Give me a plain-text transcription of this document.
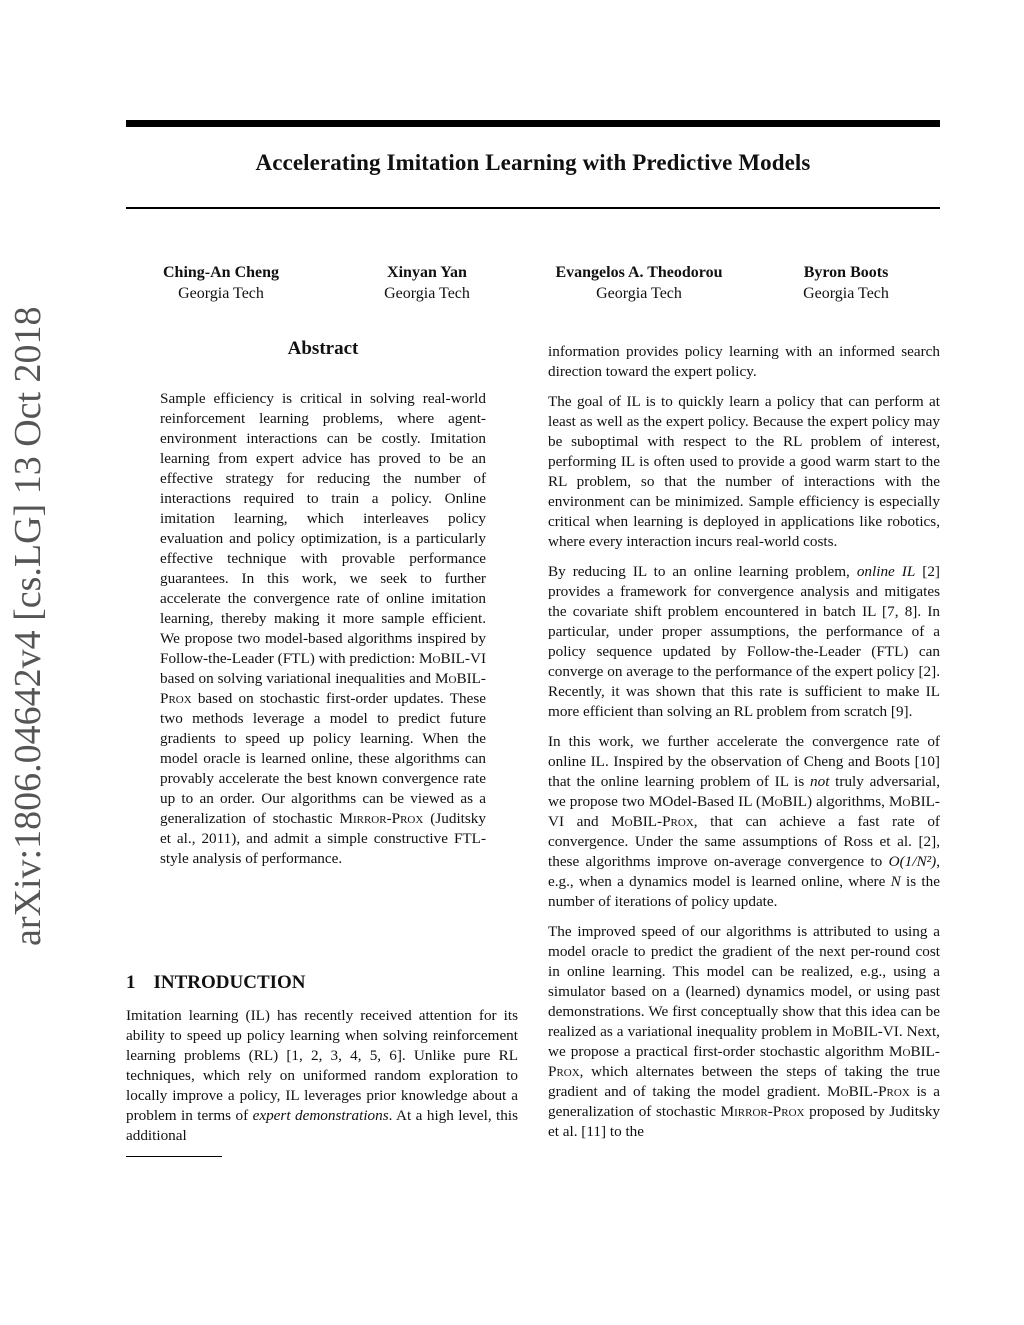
Accelerating Imitation Learning with Predictive Models
Ching-An Cheng
Georgia Tech
Xinyan Yan
Georgia Tech
Evangelos A. Theodorou
Georgia Tech
Byron Boots
Georgia Tech
arXiv:1806.04642v4 [cs.LG] 13 Oct 2018	Abstract

Sample efficiency is critical in solving real-world reinforcement learning problems, where agent-environment interactions can be costly. Imitation learning from expert advice has proved to be an effective strategy for reducing the number of interactions required to train a policy. Online imitation learning, which interleaves policy evaluation and policy optimization, is a particularly effective technique with provable performance guarantees. In this work, we seek to further accelerate the convergence rate of online imitation learning, thereby making it more sample efficient. We propose two model-based algorithms inspired by Follow-the-Leader (FTL) with prediction: MoBIL-VI based on solving variational inequalities and MoBIL-Prox based on stochastic first-order updates. These two methods leverage a model to predict future gradients to speed up policy learning. When the model oracle is learned online, these algorithms can provably accelerate the best known convergence rate up to an order. Our algorithms can be viewed as a generalization of stochastic Mirror-Prox (Juditsky et al., 2011), and admit a simple constructive FTL-style analysis of performance.

1 INTRODUCTION

Imitation learning (IL) has recently received attention for its ability to speed up policy learning when solving reinforcement learning problems (RL) [1, 2, 3, 4, 5, 6]. Unlike pure RL techniques, which rely on uniformed random exploration to locally improve a policy, IL leverages prior knowledge about a problem in terms of expert demonstrations. At a high level, this additional

information provides policy learning with an informed search direction toward the expert policy.

The goal of IL is to quickly learn a policy that can perform at least as well as the expert policy. Because the expert policy may be suboptimal with respect to the RL problem of interest, performing IL is often used to provide a good warm start to the RL problem, so that the number of interactions with the environment can be minimized. Sample efficiency is especially critical when learning is deployed in applications like robotics, where every interaction incurs real-world costs.

By reducing IL to an online learning problem, online IL [2] provides a framework for convergence analysis and mitigates the covariate shift problem encountered in batch IL [7, 8]. In particular, under proper assumptions, the performance of a policy sequence updated by Follow-the-Leader (FTL) can converge on average to the performance of the expert policy [2]. Recently, it was shown that this rate is sufficient to make IL more efficient than solving an RL problem from scratch [9].

In this work, we further accelerate the convergence rate of online IL. Inspired by the observation of Cheng and Boots [10] that the online learning problem of IL is not truly adversarial, we propose two MOdel-Based IL (MoBIL) algorithms, MoBIL-VI and MoBIL-Prox, that can achieve a fast rate of convergence. Under the same assumptions of Ross et al. [2], these algorithms improve on-average convergence to O(1/N²), e.g., when a dynamics model is learned online, where N is the number of iterations of policy update.

The improved speed of our algorithms is attributed to using a model oracle to predict the gradient of the next per-round cost in online learning. This model can be realized, e.g., using a simulator based on a (learned) dynamics model, or using past demonstrations. We first conceptually show that this idea can be realized as a variational inequality problem in MoBIL-VI. Next, we propose a practical first-order stochastic algorithm MoBIL-Prox, which alternates between the steps of taking the true gradient and of taking the model gradient. MoBIL-Prox is a generalization of stochastic Mirror-Prox proposed by Juditsky et al. [11] to the
